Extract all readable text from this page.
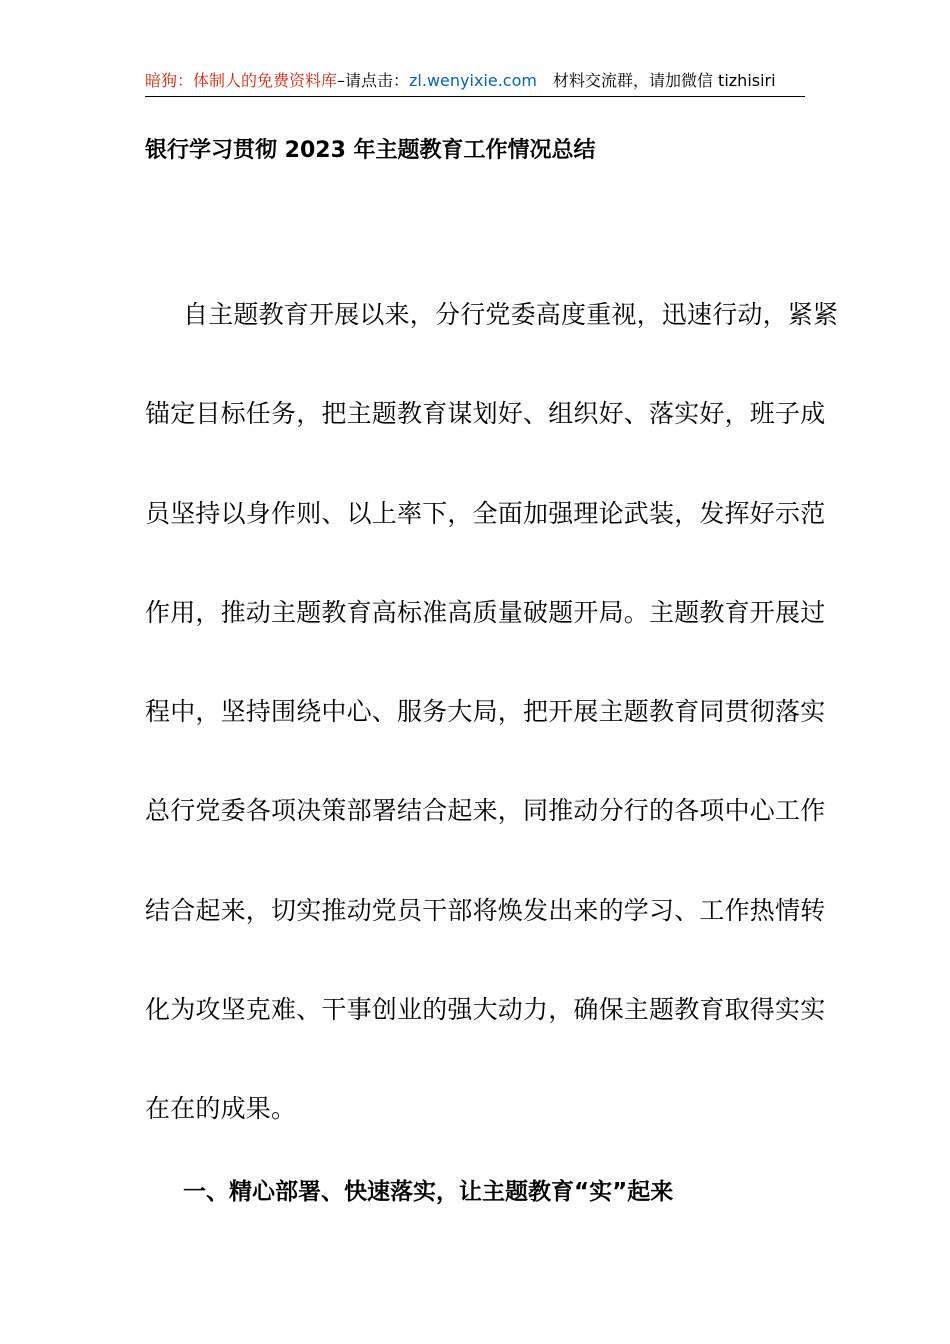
暗狗：体制人的免费资料库–请点击：zl.wenyixie.com 材料交流群，请加微信 tizhisiri
银行学习贯彻 2023 年主题教育工作情况总结
自主题教育开展以来，分行党委高度重视，迅速行动，紧紧
锚定目标任务，把主题教育谋划好、组织好、落实好，班子成
员坚持以身作则、以上率下，全面加强理论武装，发挥好示范
作用，推动主题教育高标准高质量破题开局。主题教育开展过
程中，坚持围绕中心、服务大局，把开展主题教育同贯彻落实
总行党委各项决策部署结合起来，同推动分行的各项中心工作
结合起来，切实推动党员干部将焕发出来的学习、工作热情转
化为攻坚克难、干事创业的强大动力，确保主题教育取得实实
在在的成果。
一、精心部署、快速落实，让主题教育“实”起来
